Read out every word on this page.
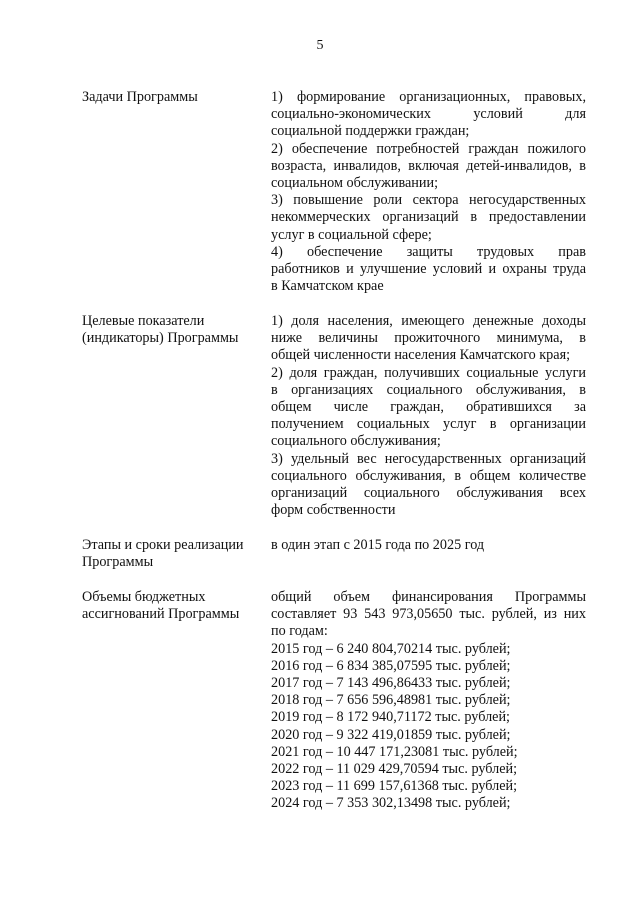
5
Задачи Программы	1) формирование организационных, правовых,
социально-экономических условий для
социальной поддержки граждан;
2) обеспечение потребностей граждан пожилого
возраста, инвалидов, включая детей-инвалидов, в
социальном обслуживании;
3) повышение роли сектора негосударственных
некоммерческих организаций в предоставлении
услуг в социальной сфере;
4) обеспечение защиты трудовых прав
работников и улучшение условий и охраны труда
в Камчатском крае
Целевые показатели
(индикаторы) Программы
1) доля населения, имеющего денежные доходы
ниже величины прожиточного минимума, в
общей численности населения Камчатского края;
2) доля граждан, получивших социальные услуги
в организациях социального обслуживания, в
общем числе граждан, обратившихся за
получением социальных услуг в организации
социального обслуживания;
3) удельный вес негосударственных организаций
социального обслуживания, в общем количестве
организаций социального обслуживания всех
форм собственности
Этапы и сроки реализации
Программы
в один этап с 2015 года по 2025 год
Объемы бюджетных
ассигнований Программы
общий объем финансирования Программы
составляет 93 543 973,05650 тыс. рублей, из них
по годам:
2015 год – 6 240 804,70214 тыс. рублей;
2016 год – 6 834 385,07595 тыс. рублей;
2017 год – 7 143 496,86433 тыс. рублей;
2018 год – 7 656 596,48981 тыс. рублей;
2019 год – 8 172 940,71172 тыс. рублей;
2020 год – 9 322 419,01859 тыс. рублей;
2021 год – 10 447 171,23081 тыс. рублей;
2022 год – 11 029 429,70594 тыс. рублей;
2023 год – 11 699 157,61368 тыс. рублей;
2024 год – 7 353 302,13498 тыс. рублей;
